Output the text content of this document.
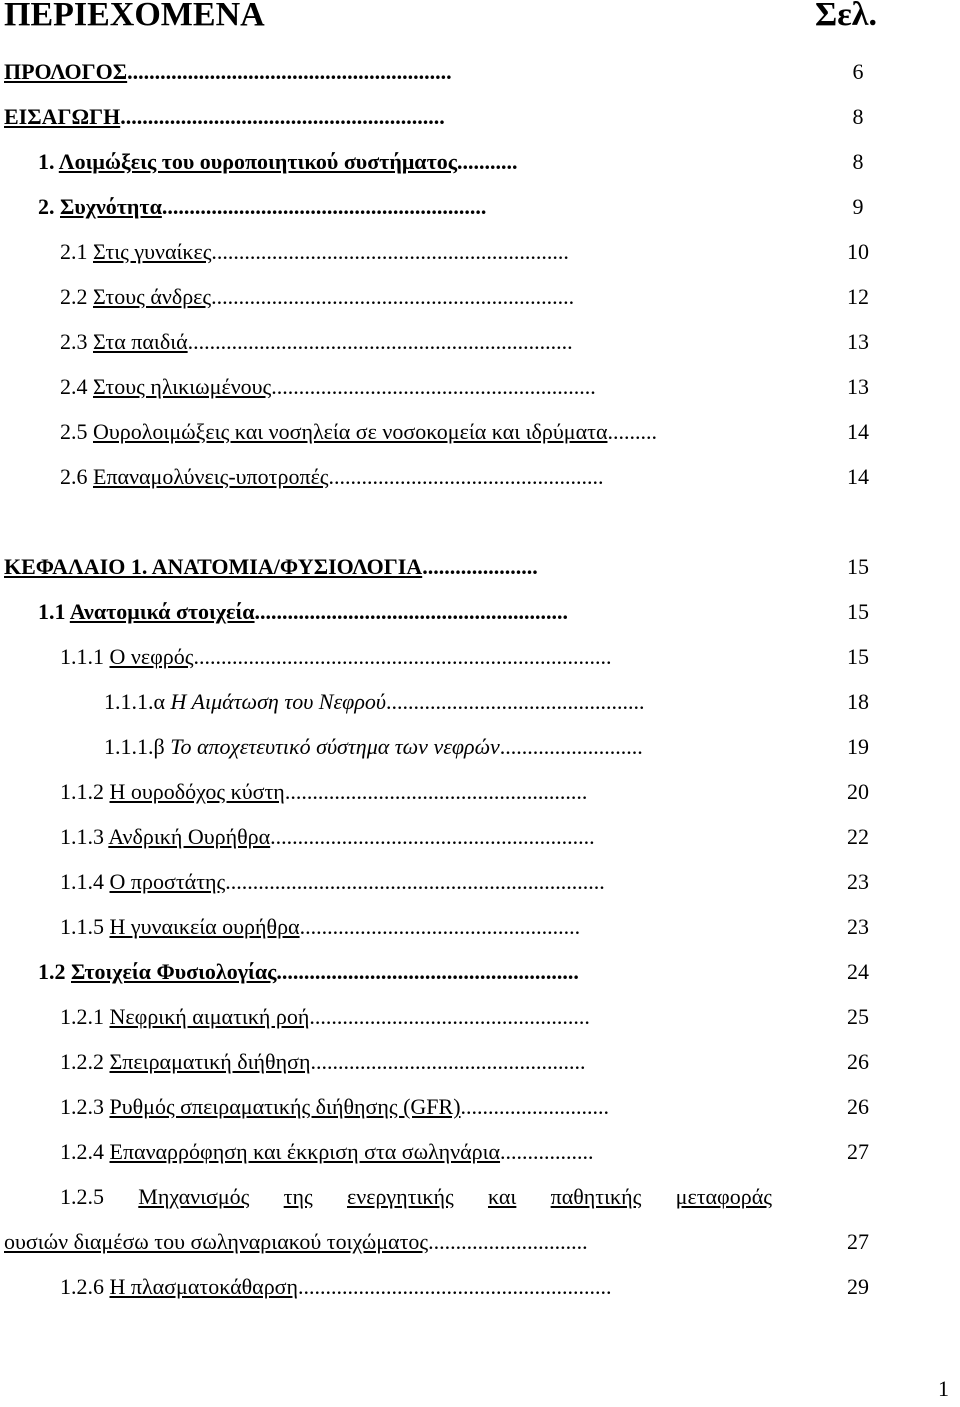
ΠΕΡΙΕΧΟΜΕΝΑ	Σελ.
ΠΡΟΛΟΓΟΣ...........................................................	6
ΕΙΣΑΓΩΓΗ...........................................................	8
1. Λοιμώξεις του ουροποιητικού συστήματος...........	8
2. Συχνότητα...........................................................	9
2.1 Στις γυναίκες.................................................................	10
2.2 Στους άνδρες..................................................................	12
2.3 Στα παιδιά......................................................................	13
2.4 Στους ηλικιωμένους...........................................................	13
2.5 Ουρολοιμώξεις και νοσηλεία σε νοσοκομεία και ιδρύματα.........	14
2.6 Επαναμολύνεις-υποτροπές..................................................	14
ΚΕΦΑΛΑΙΟ 1. ΑΝΑΤΟΜΙΑ/ΦΥΣΙΟΛΟΓΙΑ.....................	15
1.1 Ανατομικά στοιχεία.........................................................	15
1.1.1 Ο νεφρός............................................................................	15
1.1.1.α Η Αιμάτωση του Νεφρού...............................................	18
1.1.1.β Το αποχετευτικό σύστημα των νεφρών..........................	19
1.1.2 Η ουροδόχος κύστη.......................................................	20
1.1.3 Ανδρική Ουρήθρα...........................................................	22
1.1.4 Ο προστάτης.....................................................................	23
1.1.5 Η γυναικεία ουρήθρα...................................................	23
1.2 Στοιχεία Φυσιολογίας.......................................................	24
1.2.1 Νεφρική αιματική ροή...................................................	25
1.2.2 Σπειραματική διήθηση..................................................	26
1.2.3 Ρυθμός σπειραματικής διήθησης (GFR)...........................	26
1.2.4 Επαναρρόφηση και έκκριση στα σωληνάρια.................	27
1.2.5 Μηχανισμός της ενεργητικής και παθητικής μεταφοράς
ουσιών διαμέσω του σωληναριακού τοιχώματος.............................	27
1.2.6 Η πλασματοκάθαρση.........................................................	29
1
